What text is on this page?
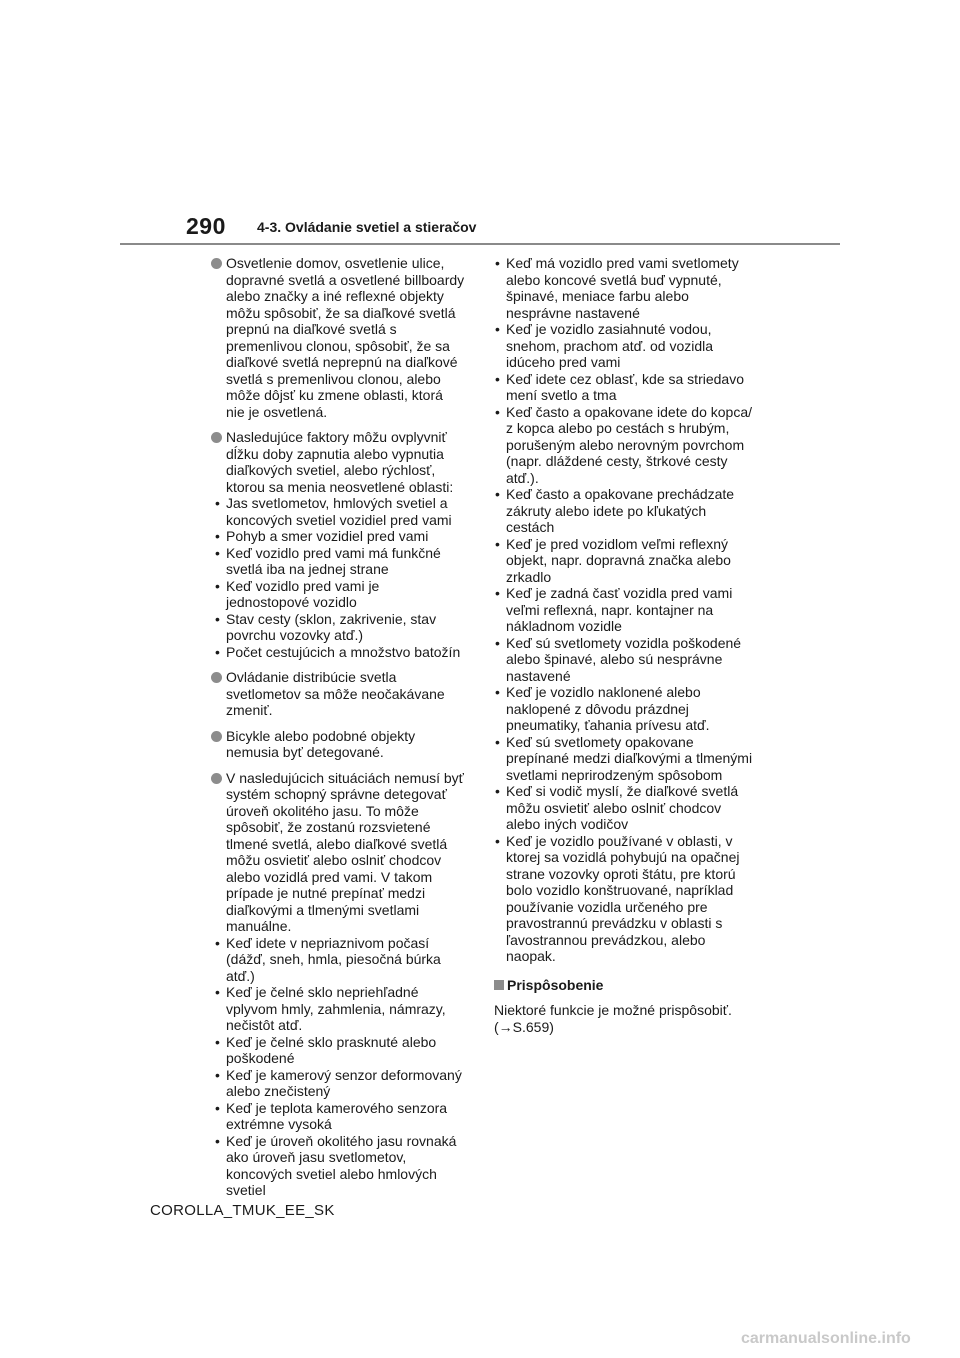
290 4-3. Ovládanie svetiel a stieračov
Osvetlenie domov, osvetlenie ulice, dopravné svetlá a osvetlené billboardy alebo značky a iné reflexné objekty môžu spôsobiť, že sa diaľkové svetlá prepnú na diaľkové svetlá s premenlivou clonou, spôsobiť, že sa diaľkové svetlá neprepnú na diaľkové svetlá s premenlivou clonou, alebo môže dôjsť ku zmene oblasti, ktorá nie je osvetlená.
Nasledujúce faktory môžu ovplyvniť dĺžku doby zapnutia alebo vypnutia diaľkových svetiel, alebo rýchlosť, ktorou sa menia neosvetlené oblasti:
• Jas svetlometov, hmlových svetiel a koncových svetiel vozidiel pred vami
• Pohyb a smer vozidiel pred vami
• Keď vozidlo pred vami má funkčné svetlá iba na jednej strane
• Keď vozidlo pred vami je jednostopové vozidlo
• Stav cesty (sklon, zakrivenie, stav povrchu vozovky atď.)
• Počet cestujúcich a množstvo batožín
Ovládanie distribúcie svetla svetlometov sa môže neočakávane zmeniť.
Bicykle alebo podobné objekty nemusia byť detegované.
V nasledujúcich situáciách nemusí byť systém schopný správne detegovať úroveň okolitého jasu. To môže spôsobiť, že zostanú rozsvietené tlmené svetlá, alebo diaľkové svetlá môžu osvietiť alebo oslniť chodcov alebo vozidlá pred vami. V takom prípade je nutné prepínať medzi diaľkovými a tlmenými svetlami manuálne.
• Keď idete v nepriaznivom počasí (dážď, sneh, hmla, piesočná búrka atď.)
• Keď je čelné sklo nepriehľadné vplyvom hmly, zahmlenia, námrazy, nečistôt atď.
• Keď je čelné sklo prasknuté alebo poškodené
• Keď je kamerový senzor deformovaný alebo znečistený
• Keď je teplota kamerového senzora extrémne vysoká
• Keď je úroveň okolitého jasu rovnaká ako úroveň jasu svetlometov, koncových svetiel alebo hmlových svetiel
• Keď má vozidlo pred vami svetlomety alebo koncové svetlá buď vypnuté, špinavé, meniace farbu alebo nesprávne nastavené
• Keď je vozidlo zasiahnuté vodou, snehom, prachom atď. od vozidla idúceho pred vami
• Keď idete cez oblasť, kde sa striedavo mení svetlo a tma
• Keď často a opakovane idete do kopca/ z kopca alebo po cestách s hrubým, porušeným alebo nerovným povrchom (napr. dláždené cesty, štrkové cesty atď.).
• Keď často a opakovane prechádzate zákruty alebo idete po kľukatých cestách
• Keď je pred vozidlom veľmi reflexný objekt, napr. dopravná značka alebo zrkadlo
• Keď je zadná časť vozidla pred vami veľmi reflexná, napr. kontajner na nákladnom vozidle
• Keď sú svetlomety vozidla poškodené alebo špinavé, alebo sú nesprávne nastavené
• Keď je vozidlo naklonené alebo naklopené z dôvodu prázdnej pneumatiky, ťahania prívesu atď.
• Keď sú svetlomety opakovane prepínané medzi diaľkovými a tlmenými svetlami neprirodzeným spôsobom
• Keď si vodič myslí, že diaľkové svetlá môžu osvietiť alebo oslniť chodcov alebo iných vodičov
• Keď je vozidlo používané v oblasti, v ktorej sa vozidlá pohybujú na opačnej strane vozovky oproti štátu, pre ktorú bolo vozidlo konštruované, napríklad používanie vozidla určeného pre pravostrannú prevádzku v oblasti s ľavostrannou prevádzkou, alebo naopak.
Prispôsobenie
Niektoré funkcie je možné prispôsobiť. (→S.659)
COROLLA_TMUK_EE_SK
carmanualsonline.info
